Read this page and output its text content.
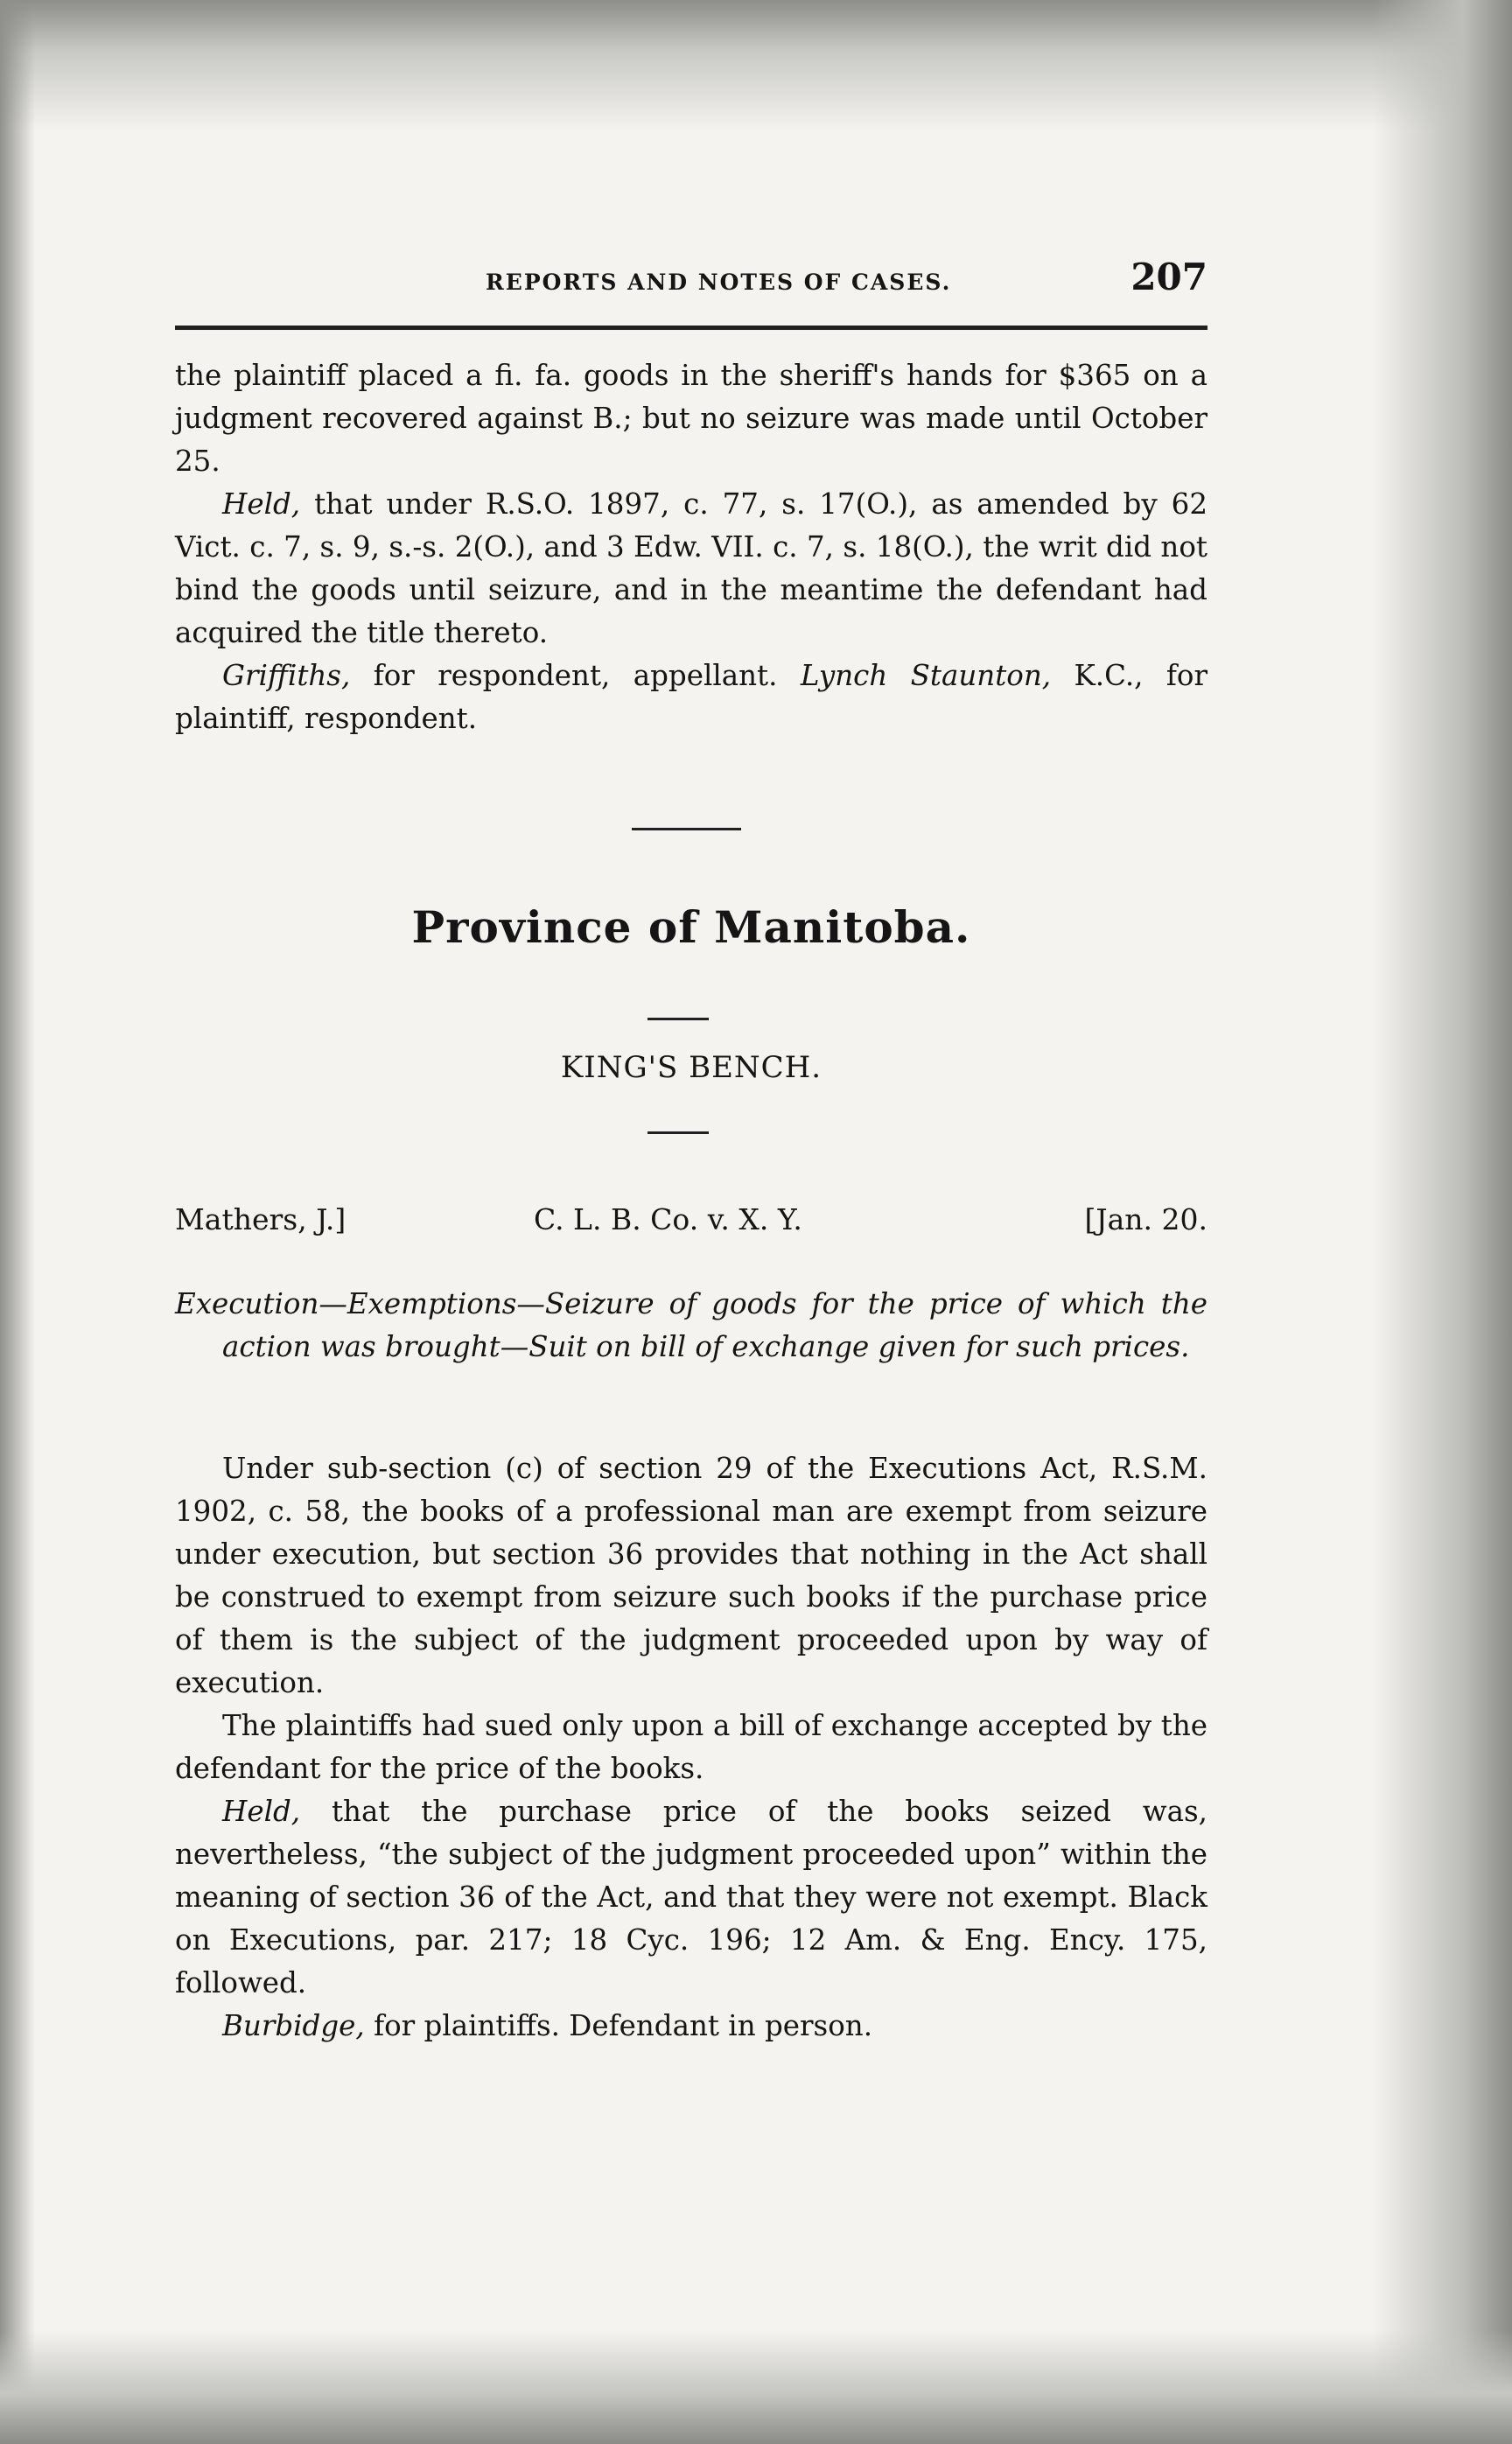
REPORTS AND NOTES OF CASES.	207

the plaintiff placed a fi. fa. goods in the sheriff's hands for $365 on a judgment recovered against B.; but no seizure was made until October 25.

Held, that under R.S.O. 1897, c. 77, s. 17(O.), as amended by 62 Vict. c. 7, s. 9, s.-s. 2(O.), and 3 Edw. VII. c. 7, s. 18(O.), the writ did not bind the goods until seizure, and in the meantime the defendant had acquired the title thereto.

Griffiths, for respondent, appellant. Lynch Staunton, K.C., for plaintiff, respondent.

Province of Manitoba.
KING'S BENCH.
Mathers, J.]	C. L. B. Co. v. X. Y.	[Jan. 20.

Execution—Exemptions—Seizure of goods for the price of which the action was brought—Suit on bill of exchange given for such prices.

Under sub-section (c) of section 29 of the Executions Act, R.S.M. 1902, c. 58, the books of a professional man are exempt from seizure under execution, but section 36 provides that nothing in the Act shall be construed to exempt from seizure such books if the purchase price of them is the subject of the judgment proceeded upon by way of execution.

The plaintiffs had sued only upon a bill of exchange accepted by the defendant for the price of the books.

Held, that the purchase price of the books seized was, nevertheless, “the subject of the judgment proceeded upon” within the meaning of section 36 of the Act, and that they were not exempt. Black on Executions, par. 217; 18 Cyc. 196; 12 Am. & Eng. Ency. 175, followed.

Burbidge, for plaintiffs. Defendant in person.
